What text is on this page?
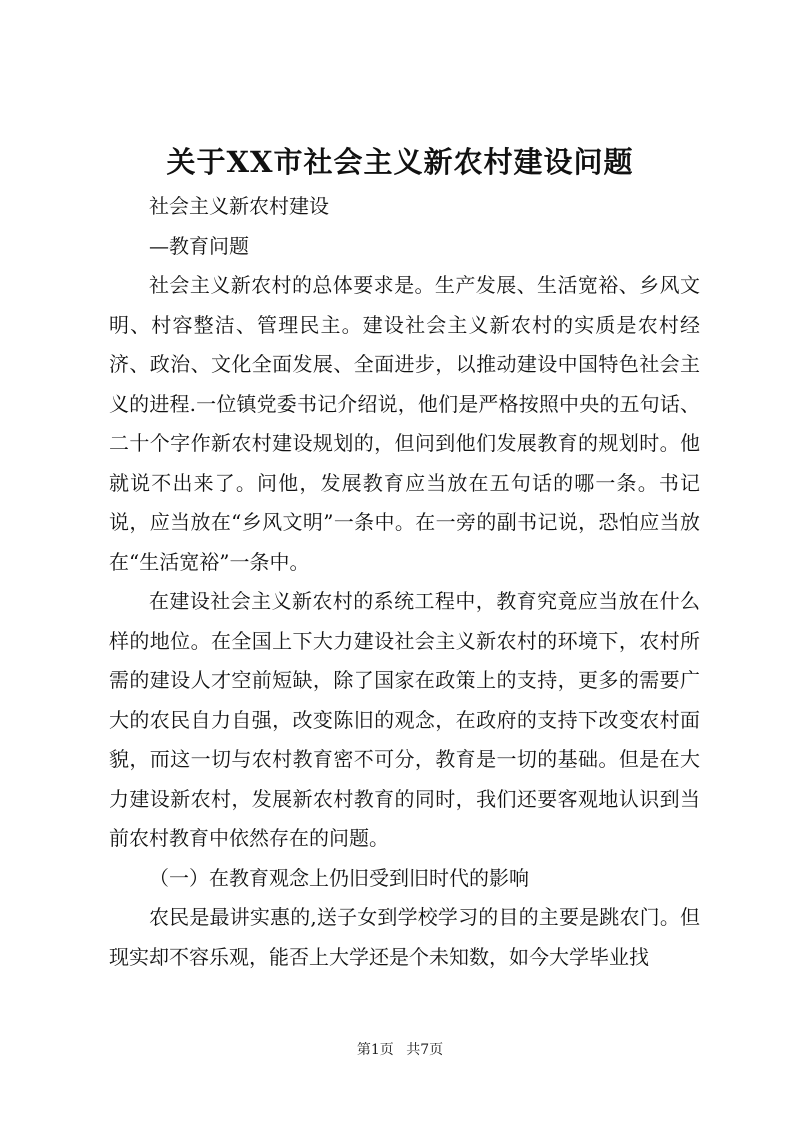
关于XX市社会主义新农村建设问题

社会主义新农村建设

—教育问题

社会主义新农村的总体要求是。生产发展、生活宽裕、乡风文明、村容整洁、管理民主。建设社会主义新农村的实质是农村经济、政治、文化全面发展、全面进步，以推动建设中国特色社会主义的进程.一位镇党委书记介绍说，他们是严格按照中央的五句话、二十个字作新农村建设规划的，但问到他们发展教育的规划时。他就说不出来了。问他，发展教育应当放在五句话的哪一条。书记说，应当放在“乡风文明”一条中。在一旁的副书记说，恐怕应当放在“生活宽裕”一条中。

在建设社会主义新农村的系统工程中，教育究竟应当放在什么样的地位。在全国上下大力建设社会主义新农村的环境下，农村所需的建设人才空前短缺，除了国家在政策上的支持，更多的需要广大的农民自力自强，改变陈旧的观念，在政府的支持下改变农村面貌，而这一切与农村教育密不可分，教育是一切的基础。但是在大力建设新农村，发展新农村教育的同时，我们还要客观地认识到当前农村教育中依然存在的问题。

（一）在教育观念上仍旧受到旧时代的影响

农民是最讲实惠的,送子女到学校学习的目的主要是跳农门。但现实却不容乐观，能否上大学还是个未知数，如今大学毕业找

第1页 共7页
